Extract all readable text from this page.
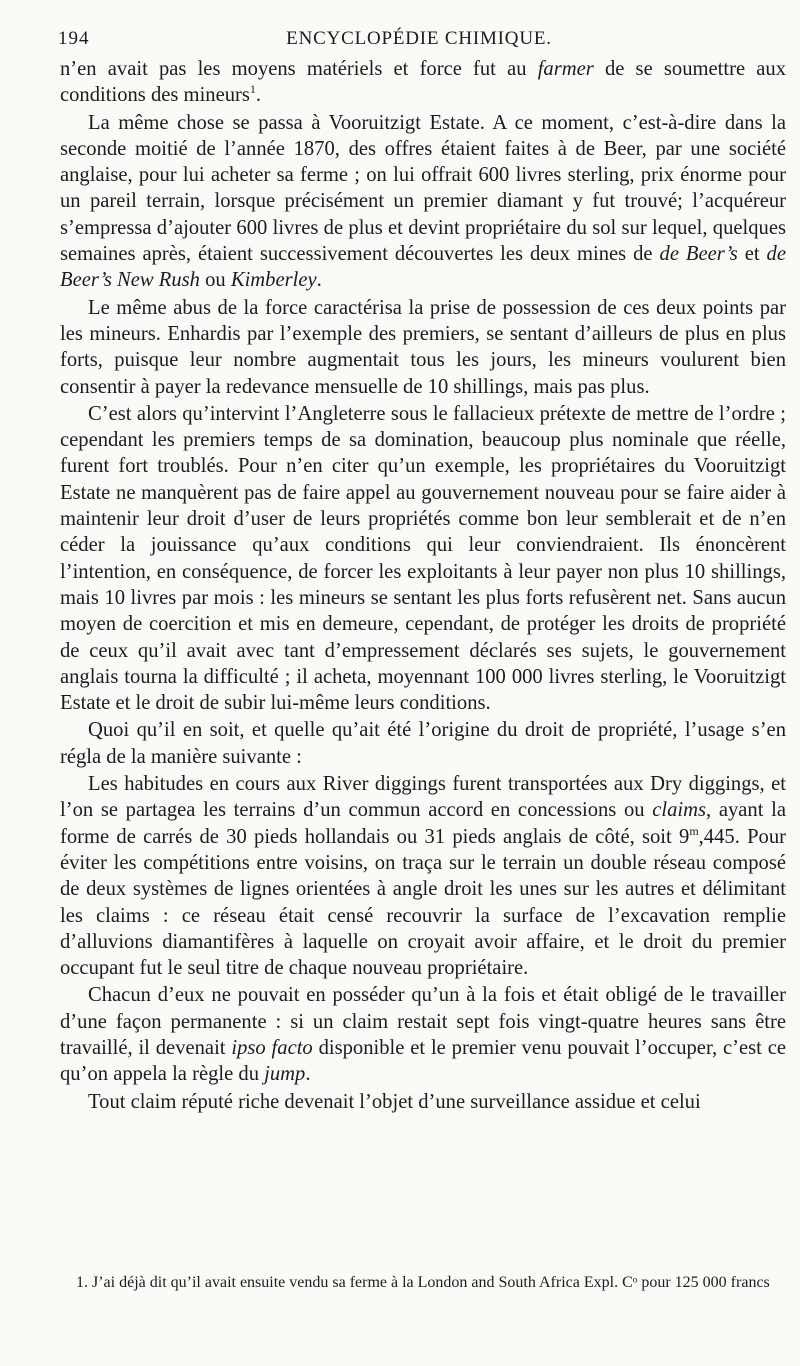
194	ENCYCLOPÉDIE CHIMIQUE.

n’en avait pas les moyens matériels et force fut au farmer de se soumettre aux conditions des mineurs$^1$.

La même chose se passa à Vooruitzigt Estate. A ce moment, c’est-à-dire dans la seconde moitié de l’année 1870, des offres étaient faites à de Beer, par une société anglaise, pour lui acheter sa ferme ; on lui offrait 600 livres sterling, prix énorme pour un pareil terrain, lorsque précisément un premier diamant y fut trouvé; l’acquéreur s’empressa d’ajouter 600 livres de plus et devint propriétaire du sol sur lequel, quelques semaines après, étaient successivement découvertes les deux mines de de Beer’s et de Beer’s New Rush ou Kimberley.

Le même abus de la force caractérisa la prise de possession de ces deux points par les mineurs. Enhardis par l’exemple des premiers, se sentant d’ailleurs de plus en plus forts, puisque leur nombre augmentait tous les jours, les mineurs voulurent bien consentir à payer la redevance mensuelle de 10 shillings, mais pas plus.

C’est alors qu’intervint l’Angleterre sous le fallacieux prétexte de mettre de l’ordre ; cependant les premiers temps de sa domination, beaucoup plus nominale que réelle, furent fort troublés. Pour n’en citer qu’un exemple, les propriétaires du Vooruitzigt Estate ne manquèrent pas de faire appel au gouvernement nouveau pour se faire aider à maintenir leur droit d’user de leurs propriétés comme bon leur semblerait et de n’en céder la jouissance qu’aux conditions qui leur conviendraient. Ils énoncèrent l’intention, en conséquence, de forcer les exploitants à leur payer non plus 10 shillings, mais 10 livres par mois : les mineurs se sentant les plus forts refusèrent net. Sans aucun moyen de coercition et mis en demeure, cependant, de protéger les droits de propriété de ceux qu’il avait avec tant d’empressement déclarés ses sujets, le gouvernement anglais tourna la difficulté ; il acheta, moyennant 100 000 livres sterling, le Vooruitzigt Estate et le droit de subir lui-même leurs conditions.

Quoi qu’il en soit, et quelle qu’ait été l’origine du droit de propriété, l’usage s’en régla de la manière suivante :

Les habitudes en cours aux River diggings furent transportées aux Dry diggings, et l’on se partagea les terrains d’un commun accord en concessions ou claims, ayant la forme de carrés de 30 pieds hollandais ou 31 pieds anglais de côté, soit 9$^m$,445. Pour éviter les compétitions entre voisins, on traça sur le terrain un double réseau composé de deux systèmes de lignes orientées à angle droit les unes sur les autres et délimitant les claims : ce réseau était censé recouvrir la surface de l’excavation remplie d’alluvions diamantifères à laquelle on croyait avoir affaire, et le droit du premier occupant fut le seul titre de chaque nouveau propriétaire.

Chacun d’eux ne pouvait en posséder qu’un à la fois et était obligé de le travailler d’une façon permanente : si un claim restait sept fois vingt-quatre heures sans être travaillé, il devenait ipso facto disponible et le premier venu pouvait l’occuper, c’est ce qu’on appela la règle du jump.

Tout claim réputé riche devenait l’objet d’une surveillance assidue et celui

1. J’ai déjà dit qu’il avait ensuite vendu sa ferme à la London and South Africa Expl. Cᵒ pour 125 000 francs
